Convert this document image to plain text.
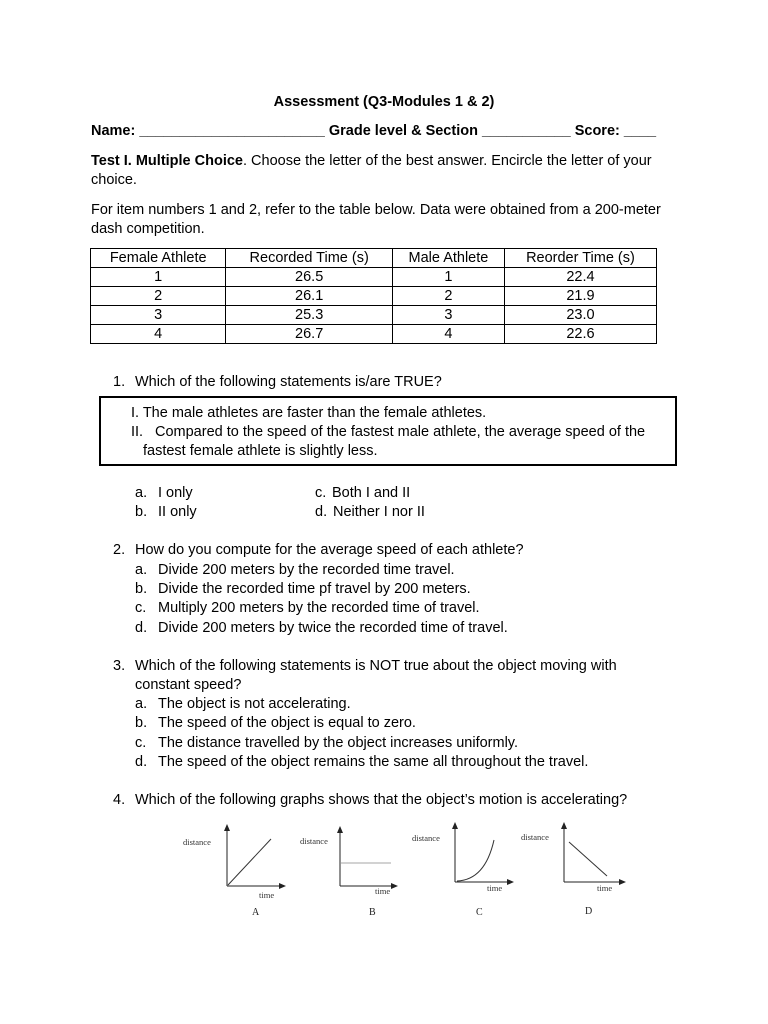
Assessment (Q3-Modules 1 & 2)
Name: _______________________ Grade level & Section ___________ Score: ____
Test I. Multiple Choice. Choose the letter of the best answer. Encircle the letter of your choice.
For item numbers 1 and 2, refer to the table below. Data were obtained from a 200-meter dash competition.
Female Athlete	Recorded Time (s)	Male Athlete	Reorder Time (s)
1	26.5	1	22.4
2	26.1	2	21.9
3	25.3	3	23.0
4	26.7	4	22.6
1. Which of the following statements is/are TRUE?
I. The male athletes are faster than the female athletes.
II. Compared to the speed of the fastest male athlete, the average speed of the
fastest female athlete is slightly less.
a. I only
b. II only
c. Both I and II
d. Neither I nor II
2. How do you compute for the average speed of each athlete?
a. Divide 200 meters by the recorded time travel.
b. Divide the recorded time pf travel by 200 meters.
c. Multiply 200 meters by the recorded time of travel.
d. Divide 200 meters by twice the recorded time of travel.
3. Which of the following statements is NOT true about the object moving with
constant speed?
a. The object is not accelerating.
b. The speed of the object is equal to zero.
c. The distance travelled by the object increases uniformly.
d. The speed of the object remains the same all throughout the travel.
4. Which of the following graphs shows that the object’s motion is accelerating?
distance
time
A
distance
time
B
distance
time
C
distance
time
D
